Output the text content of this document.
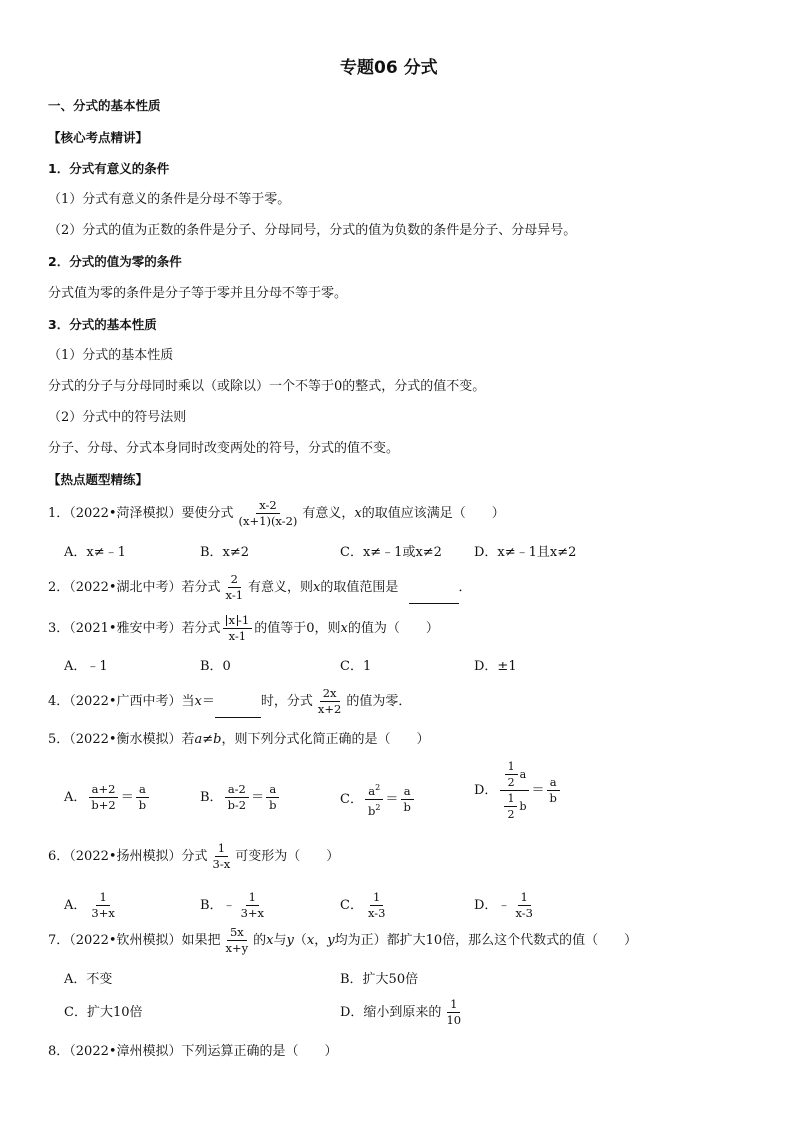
专题06 分式
一、分式的基本性质
【核心考点精讲】
1．分式有意义的条件
（1）分式有意义的条件是分母不等于零。
（2）分式的值为正数的条件是分子、分母同号，分式的值为负数的条件是分子、分母异号。
2．分式的值为零的条件
分式值为零的条件是分子等于零并且分母不等于零。
3．分式的基本性质
（1）分式的基本性质
分式的分子与分母同时乘以（或除以）一个不等于0的整式，分式的值不变。
（2）分式中的符号法则
分子、分母、分式本身同时改变两处的符号，分式的值不变。
【热点题型精练】
1．（2022•菏泽模拟）要使分式 $\frac{x-2}{(x+1)(x-2)}$ 有意义，x的取值应该满足（　　）
A．x≠﹣1	B．x≠2	C．x≠﹣1或x≠2 D．x≠﹣1且x≠2
2．（2022•湖北中考）若分式 $\frac{2}{x-1}$ 有意义，则x的取值范围是	．
3．（2021•雅安中考）若分式 $\frac{x -1}{x-1}$ 的值等于0，则x的值为（　　）
A．﹣1	B．0	C．1	D．±1
4．（2022•广西中考）当x＝	时，分式 $\frac{2x}{x+2}$ 的值为零．
5．（2022•衡水模拟）若a≠b，则下列分式化简正确的是（　　）
A． $\frac{a+2}{b+2} = \frac{a}{b}$	B． $\frac{a-2}{b-2} = \frac{a}{b}$	C． $\frac{a^2}{b^2} = \frac{a}{b}$	D． $\frac{\frac{1}{2} a}{\frac{1}{2} b} = \frac{a}{b}$
6．（2022•扬州模拟）分式 $\frac{1}{3-x}$ 可变形为（　　）
A． $\frac{1}{3+x}$	B．﹣ $\frac{1}{3+x}$	C． $\frac{1}{x-3}$	D．﹣ $\frac{1}{x-3}$
7．（2022•钦州模拟）如果把 $\frac{5x}{x+y}$ 的x与y（x，y均为正）都扩大10倍，那么这个代数式的值（　　）
A．不变	B．扩大50倍
C．扩大10倍	D．缩小到原来的 $\frac{1}{10}$
8．（2022•漳州模拟）下列运算正确的是（　　）
